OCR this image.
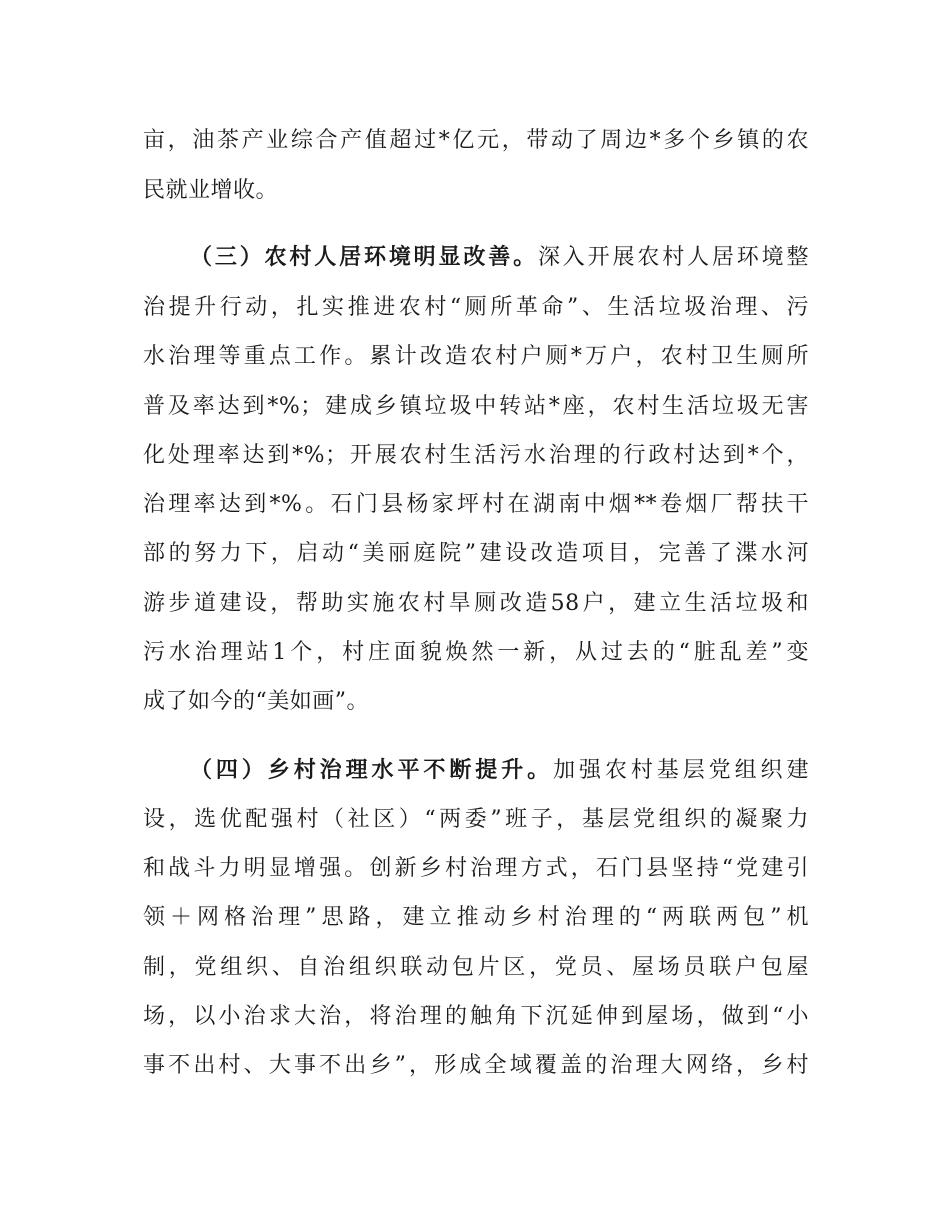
亩，油茶产业综合产值超过*亿元，带动了周边*多个乡镇的农
民就业增收。
（三）农村人居环境明显改善。深入开展农村人居环境整
治提升行动，扎实推进农村“厕所革命”、生活垃圾治理、污
水治理等重点工作。累计改造农村户厕*万户，农村卫生厕所
普及率达到*%；建成乡镇垃圾中转站*座，农村生活垃圾无害
化处理率达到*%；开展农村生活污水治理的行政村达到*个，
治理率达到*%。石门县杨家坪村在湖南中烟**卷烟厂帮扶干
部的努力下，启动“美丽庭院”建设改造项目，完善了渫水河
游步道建设，帮助实施农村旱厕改造58户，建立生活垃圾和
污水治理站1个，村庄面貌焕然一新，从过去的“脏乱差”变
成了如今的“美如画”。
（四）乡村治理水平不断提升。加强农村基层党组织建
设，选优配强村（社区）“两委”班子，基层党组织的凝聚力
和战斗力明显增强。创新乡村治理方式，石门县坚持“党建引
领＋网格治理”思路，建立推动乡村治理的“两联两包”机
制，党组织、自治组织联动包片区，党员、屋场员联户包屋
场，以小治求大治，将治理的触角下沉延伸到屋场，做到“小
事不出村、大事不出乡”，形成全域覆盖的治理大网络，乡村
